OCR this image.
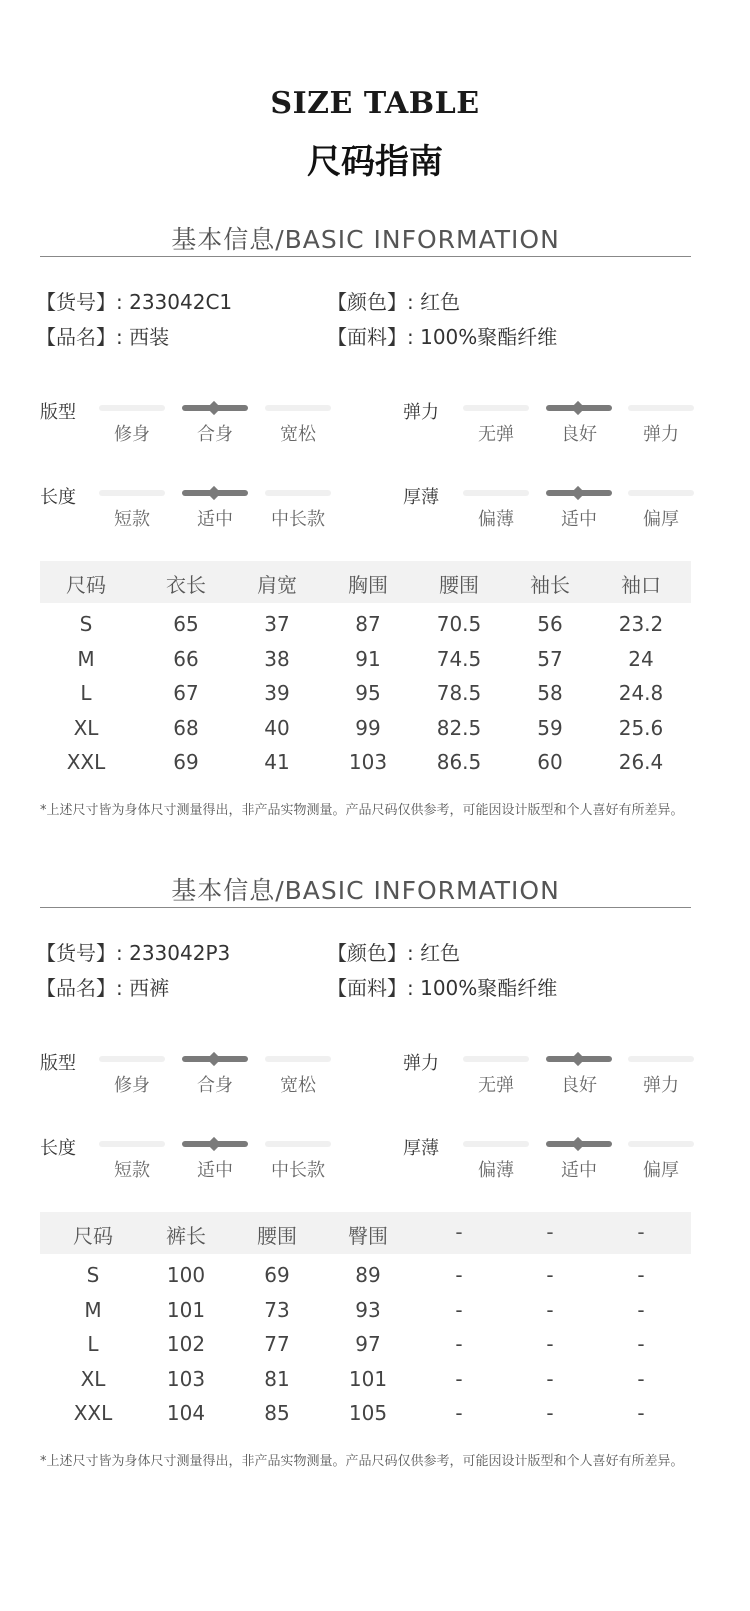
SIZE TABLE
尺码指南
基本信息/BASIC INFORMATION
【货号】: 233042C1	【颜色】: 红色
【品名】: 西装	【面料】: 100%聚酯纤维
版型
修身	合身	宽松
弹力
无弹	良好	弹力
长度
短款	适中	中长款
厚薄
偏薄	适中	偏厚
尺码	衣长	肩宽	胸围	腰围	袖长	袖口
S	65	37	87	70.5	56	23.2
M	66	38	91	74.5	57	24
L	67	39	95	78.5	58	24.8
XL	68	40	99	82.5	59	25.6
XXL	69	41	103	86.5	60	26.4
*上述尺寸皆为身体尺寸测量得出，非产品实物测量。产品尺码仅供参考，可能因设计版型和个人喜好有所差异。
基本信息/BASIC INFORMATION
【货号】: 233042P3	【颜色】: 红色
【品名】: 西裤	【面料】: 100%聚酯纤维
版型
修身	合身	宽松
弹力
无弹	良好	弹力
长度
短款	适中	中长款
厚薄
偏薄	适中	偏厚
尺码	裤长	腰围	臀围	-	-	-
S	100	69	89	-	-	-
M	101	73	93	-	-	-
L	102	77	97	-	-	-
XL	103	81	101	-	-	-
XXL	104	85	105	-	-	-
*上述尺寸皆为身体尺寸测量得出，非产品实物测量。产品尺码仅供参考，可能因设计版型和个人喜好有所差异。
